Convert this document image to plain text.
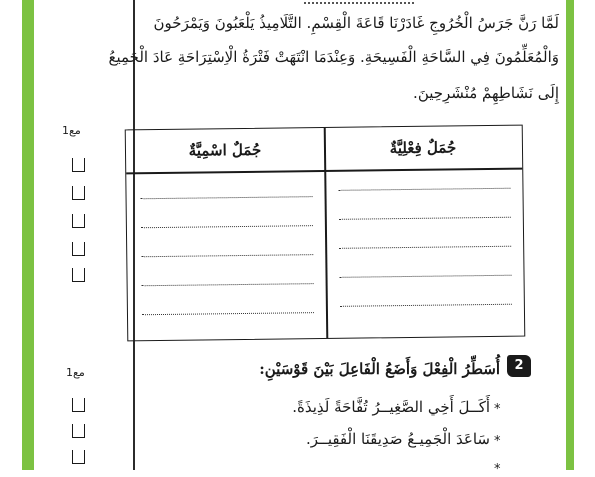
لَمَّا رَنَّ جَرَسُ الْخُرُوجِ غَادَرْنَا قَاعَةَ الْقِسْمِ. التَّلَامِيذُ يَلْعَبُونَ وَيَمْرَحُونَ
وَالْمُعَلِّمُونَ فِي السَّاحَةِ الْفَسِيحَةِ. وَعِنْدَمَا انْتَهَتْ فَتْرَةُ الْاِسْتِرَاحَةِ عَادَ الْجَمِيعُ
إِلَى نَشَاطِهِمْ مُنْشَرِحِينَ.
مع1
جُمَلٌ فِعْلِيَّةٌ
جُمَلٌ اسْمِيَّةٌ
مع1	2
أُسَطِّرُ الْفِعْلَ وَأَضَعُ الْفَاعِلَ بَيْنَ قَوْسَيْنِ:
*
أَكَــلَ أَخِي الصَّغِيــرُ تُفَّاحَةً لَذِيذَةً.
*
سَاعَدَ الْجَمِيـعُ صَدِيقَنَا الْفَقِيــرَ.
*
